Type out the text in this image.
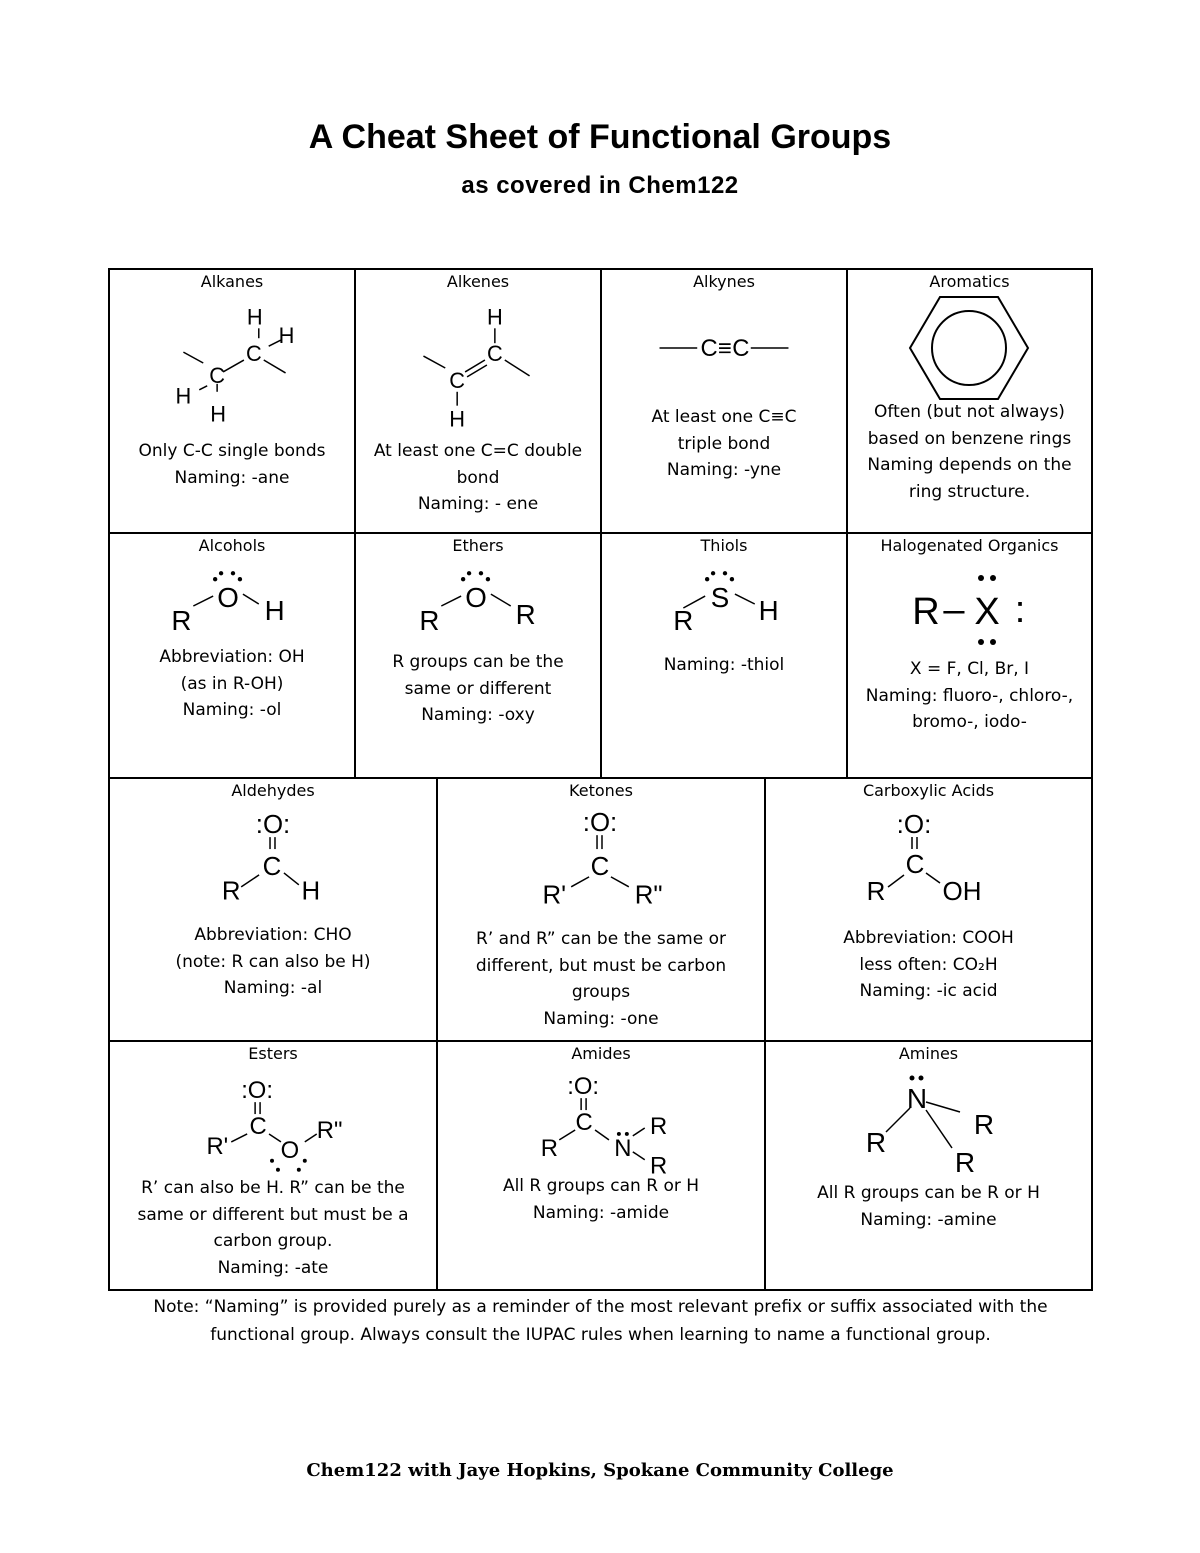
A Cheat Sheet of Functional Groups
as covered in Chem122
Alkanes
H
H
C
C
H
H
Only C-C single bonds
Naming: -ane
Alkenes
H
C
C
H
At least one C=C double
bond
Naming: - ene
Alkynes
C ≡ C
At least one C≡C
triple bond
Naming: -yne
Aromatics
Often (but not always)
based on benzene rings
Naming depends on the
ring structure.
Alcohols
R
O H
Abbreviation: OH
(as in R-OH)
Naming: -ol
Ethers
R
O
R
R groups can be the
same or different
Naming: -oxy
Thiols
R
S H
Naming: -thiol
Halogenated Organics
R – X :
X = F, Cl, Br, I
Naming: fluoro-, chloro-,
bromo-, iodo-
Aldehydes
:O:
C
R H
Abbreviation: CHO
(note: R can also be H)
Naming: -al
Ketones
:O:
C
R'	R"
R’ and R” can be the same or
different, but must be carbon
groups
Naming: -one
Carboxylic Acids
:O:
C
R OH
Abbreviation: COOH
less often: CO₂H
Naming: -ic acid
Esters
:O:
C
R' O
R"
R’ can also be H. R” can be the
same or different but must be a
carbon group.
Naming: -ate
Amides
:O:
C
R N
R
R
All R groups can R or H
Naming: -amide
Amines
N
R
R
R
All R groups can be R or H
Naming: -amine
Note: “Naming” is provided purely as a reminder of the most relevant prefix or suffix associated with the
functional group. Always consult the IUPAC rules when learning to name a functional group.
Chem122 with Jaye Hopkins, Spokane Community College
